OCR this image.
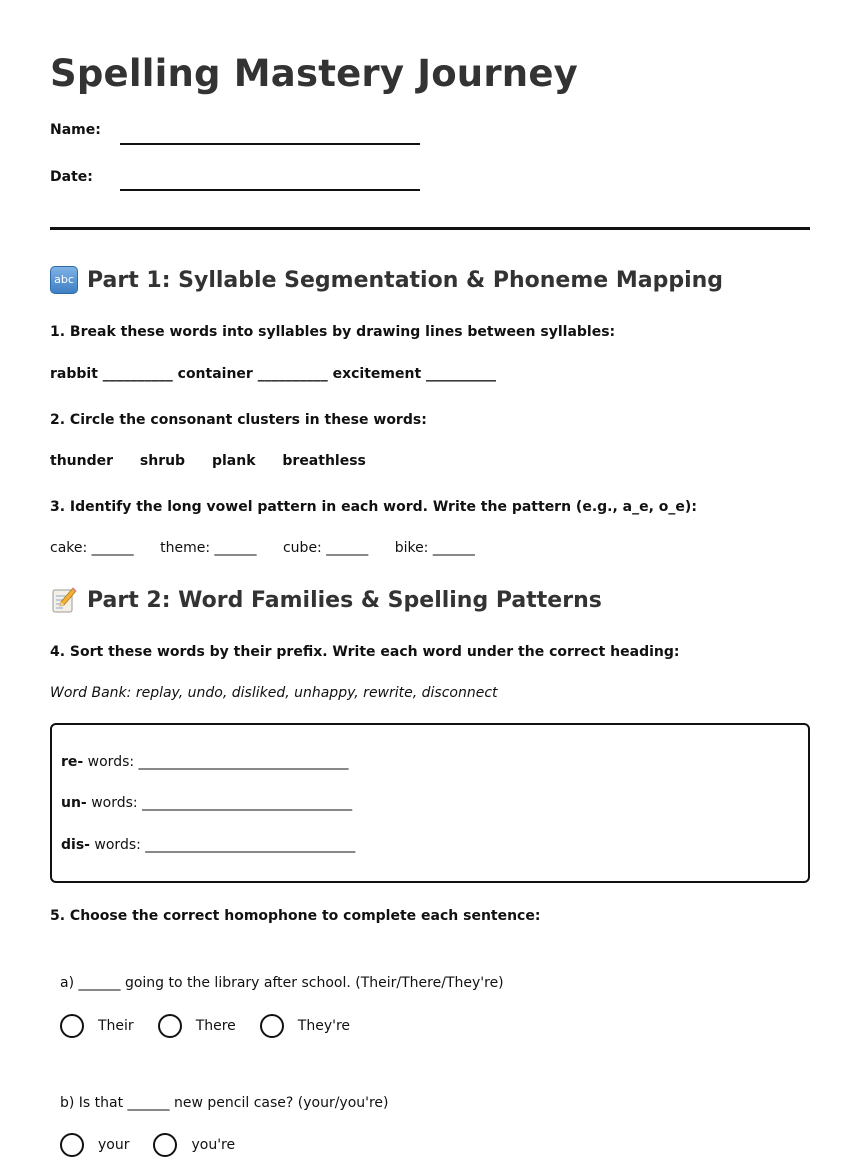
Spelling Mastery Journey
Name:
Date:
abc Part 1: Syllable Segmentation & Phoneme Mapping

1. Break these words into syllables by drawing lines between syllables:

rabbit __________ container __________ excitement __________

2. Circle the consonant clusters in these words:

thunder shrub plank breathless

3. Identify the long vowel pattern in each word. Write the pattern (e.g., a_e, o_e):

cake: ______ theme: ______ cube: ______ bike: ______
Part 2: Word Families & Spelling Patterns

4. Sort these words by their prefix. Write each word under the correct heading:

Word Bank: replay, undo, disliked, unhappy, rewrite, disconnect
re- words: ______________________________
un- words: ______________________________
dis- words: ______________________________

5. Choose the correct homophone to complete each sentence:

a) ______ going to the library after school. (Their/There/They're)
Their	There	They're
b) Is that ______ new pencil case? (your/you're)
your	you're
